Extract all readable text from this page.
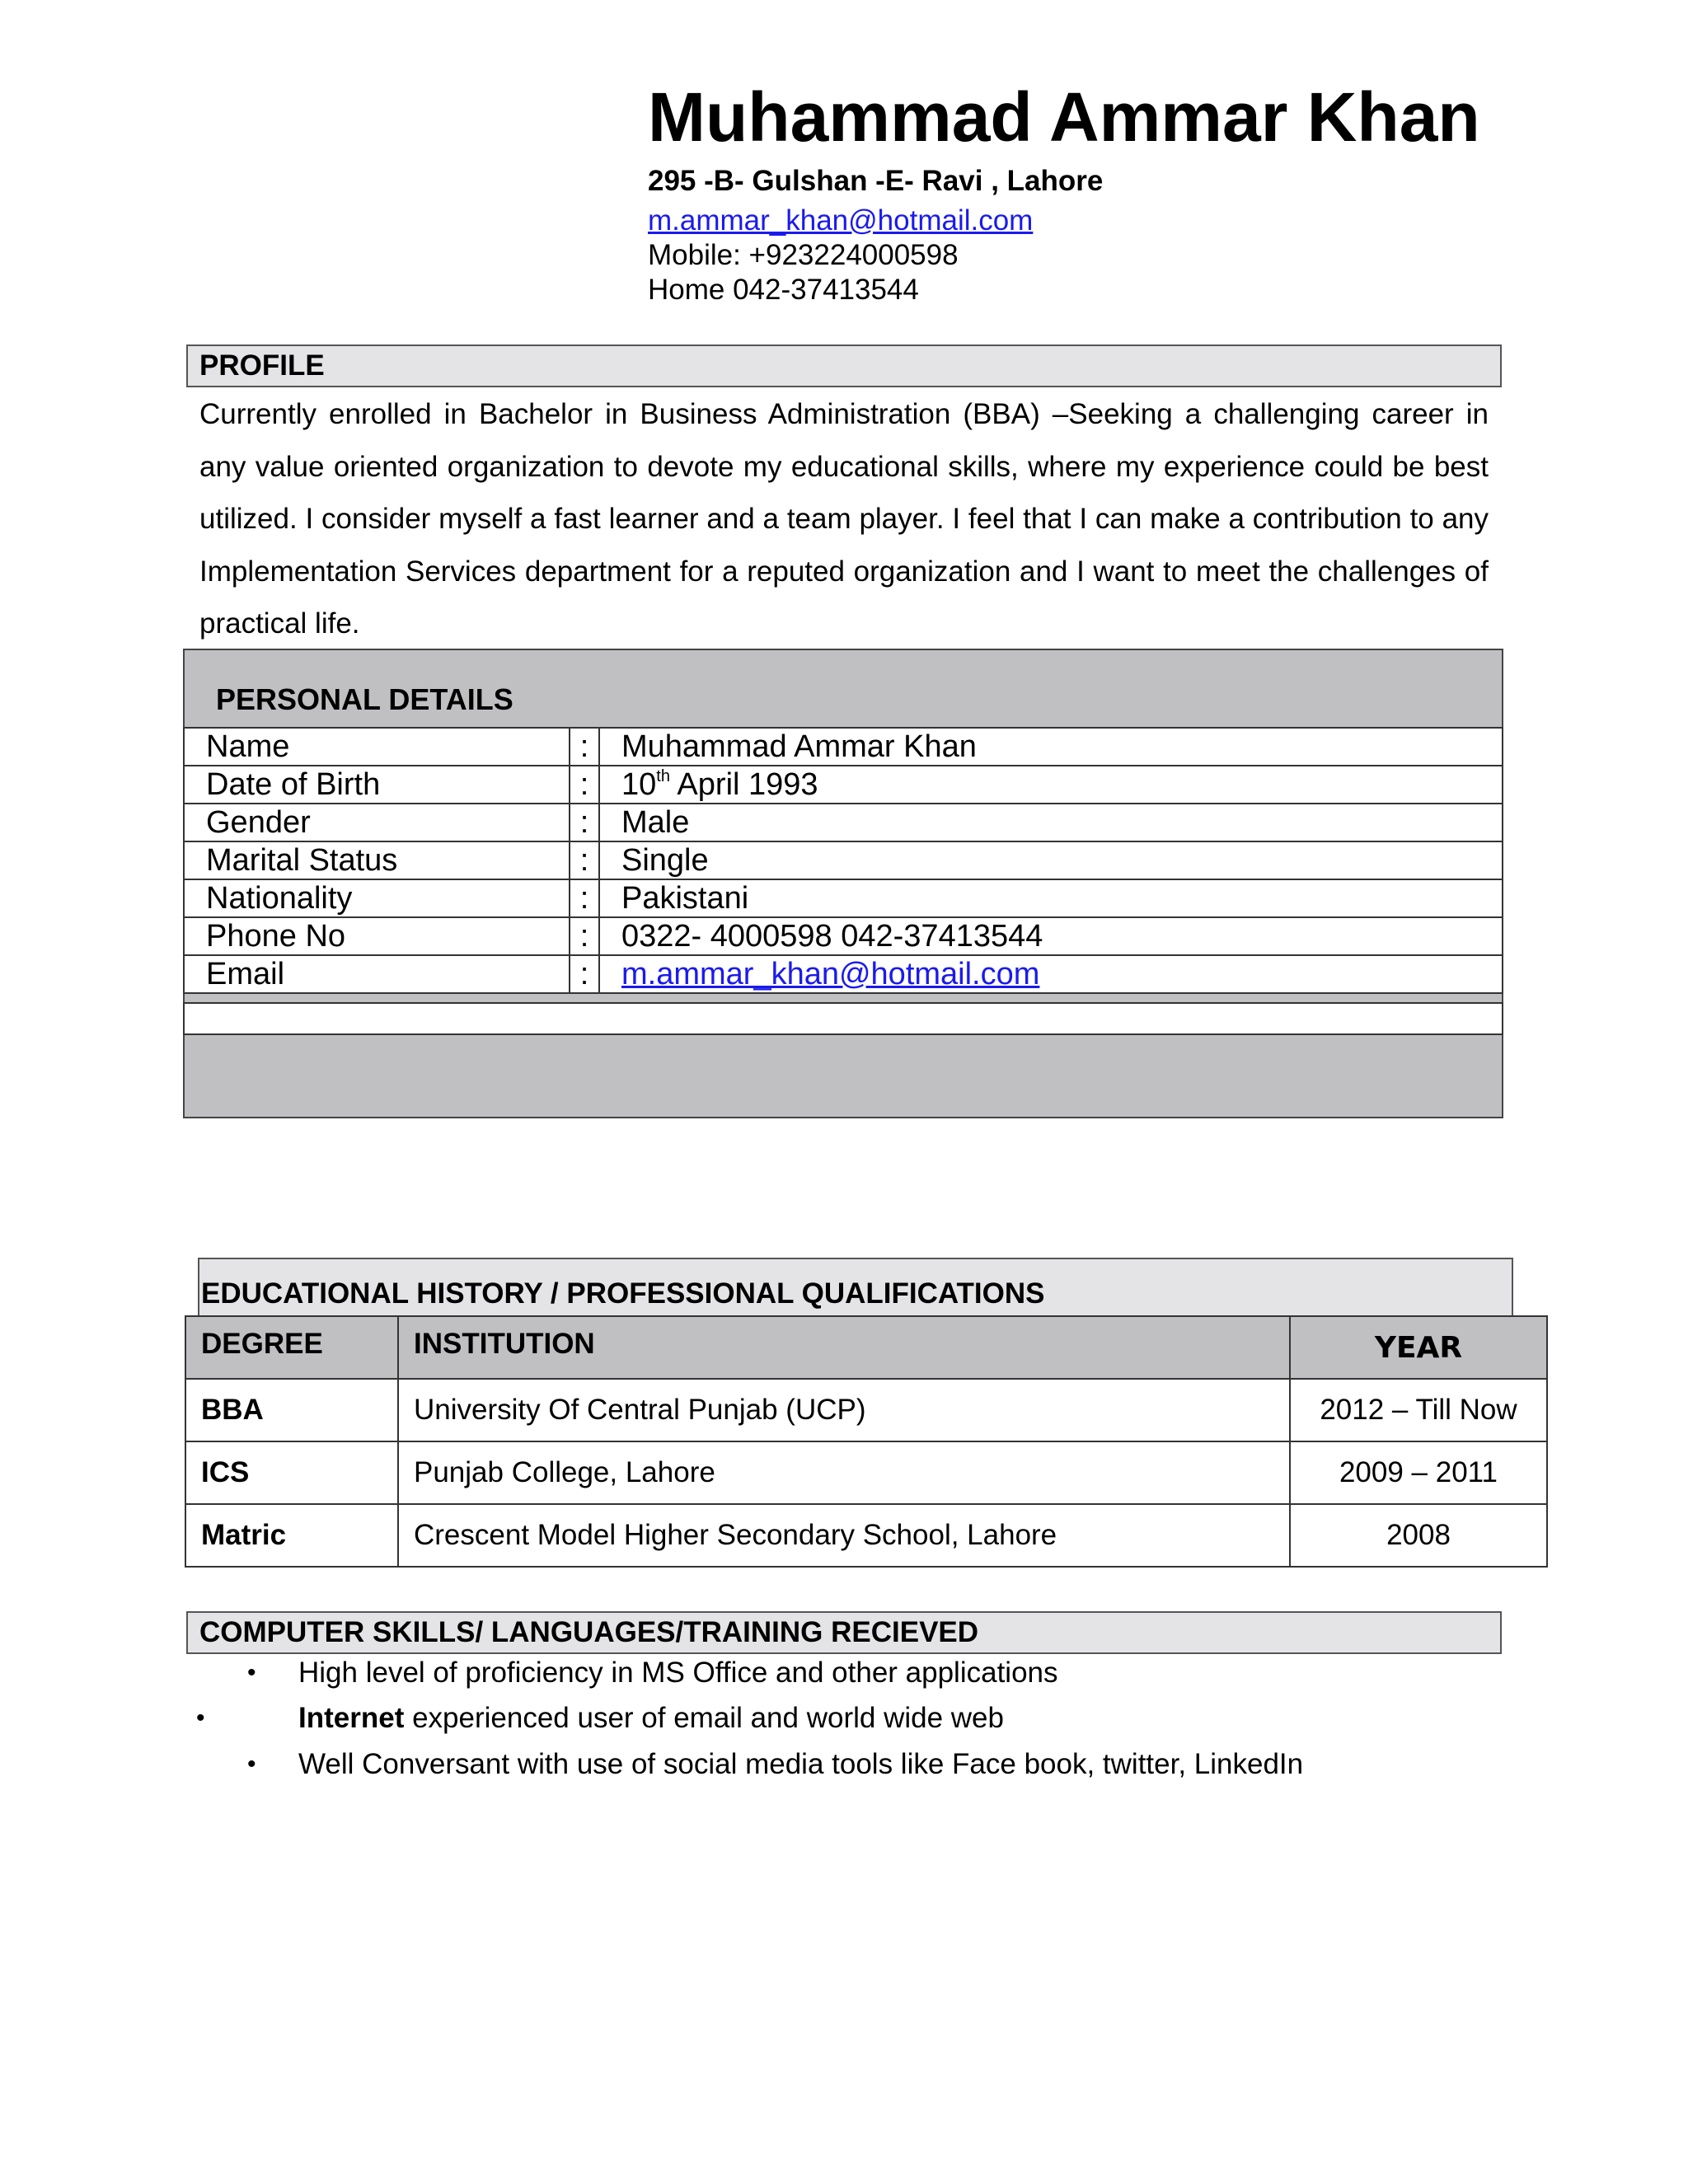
Muhammad Ammar Khan
295 -B- Gulshan -E- Ravi , Lahore
m.ammar_khan@hotmail.com
Mobile: +923224000598
Home 042-37413544
PROFILE
Currently enrolled in Bachelor in Business Administration (BBA) –Seeking a challenging career in any value oriented organization to devote my educational skills, where my experience could be best utilized. I consider myself a fast learner and a team player. I feel that I can make a contribution to any Implementation Services department for a reputed organization and I want to meet the challenges of practical life.
PERSONAL DETAILS
Name	:	Muhammad Ammar Khan
Date of Birth	:	10th April 1993
Gender	:	Male
Marital Status	:	Single
Nationality	:	Pakistani
Phone No	:	0322- 4000598 042-37413544
Email	:	m.ammar_khan@hotmail.com
EDUCATIONAL HISTORY / PROFESSIONAL QUALIFICATIONS
DEGREE	INSTITUTION	YEAR
BBA	University Of Central Punjab (UCP)	2012 – Till Now
ICS	Punjab College, Lahore	2009 – 2011
Matric	Crescent Model Higher Secondary School, Lahore	2008
COMPUTER SKILLS/ LANGUAGES/TRAINING RECIEVED
• High level of proficiency in MS Office and other applications
•	Internet experienced user of email and world wide web
• Well Conversant with use of social media tools like Face book, twitter, LinkedIn
